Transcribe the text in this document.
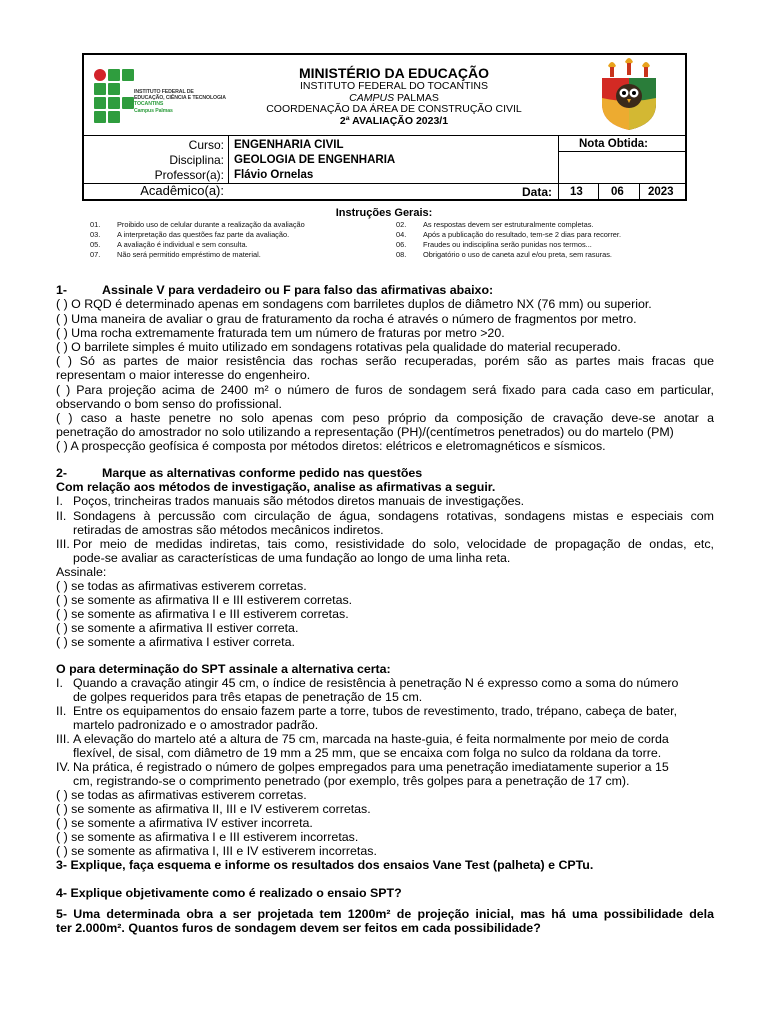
INSTITUTO FEDERAL DE
EDUCAÇÃO, CIÊNCIA E TECNOLOGIA
TOCANTINS
Campus Palmas
MINISTÉRIO DA EDUCAÇÃO
INSTITUTO FEDERAL DO TOCANTINS
CAMPUS PALMAS
COORDENAÇÃO DA ÁREA DE CONSTRUÇÃO CIVIL
2ª AVALIAÇÃO 2023/1
Curso: ENGENHARIA CIVIL
Disciplina: GEOLOGIA DE ENGENHARIA
Professor(a): Flávio Ornelas
Acadêmico(a):
Nota Obtida:
Data: 13 06 2023
Instruções Gerais:
01. Proibido uso de celular durante a realização da avaliação
03. A interpretação das questões faz parte da avaliação.
05. A avaliação é individual e sem consulta.
07. Não será permitido empréstimo de material.
02. As respostas devem ser estruturalmente completas.
04. Após a publicação do resultado, tem-se 2 dias para recorrer.
06. Fraudes ou indisciplina serão punidas nos termos...
08. Obrigatório o uso de caneta azul e/ou preta, sem rasuras.
1-	Assinale V para verdadeiro ou F para falso das afirmativas abaixo:
( ) O RQD é determinado apenas em sondagens com barriletes duplos de diâmetro NX (76 mm) ou superior.
( ) Uma maneira de avaliar o grau de fraturamento da rocha é através o número de fragmentos por metro.
( ) Uma rocha extremamente fraturada tem um número de fraturas por metro >20.
( ) O barrilete simples é muito utilizado em sondagens rotativas pela qualidade do material recuperado.
( ) Só as partes de maior resistência das rochas serão recuperadas, porém são as partes mais fracas que
representam o maior interesse do engenheiro.
( ) Para projeção acima de 2400 m² o número de furos de sondagem será fixado para cada caso em particular,
observando o bom senso do profissional.
( ) caso a haste penetre no solo apenas com peso próprio da composição de cravação deve-se anotar a
penetração do amostrador no solo utilizando a representação (PH)/(centímetros penetrados) ou do martelo (PM)
( ) A prospecção geofísica é composta por métodos diretos: elétricos e eletromagnéticos e sísmicos.
2-	Marque as alternativas conforme pedido nas questões
Com relação aos métodos de investigação, analise as afirmativas a seguir.
I. Poços, trincheiras trados manuais são métodos diretos manuais de investigações.
II. Sondagens à percussão com circulação de água, sondagens rotativas, sondagens mistas e especiais com
retiradas de amostras são métodos mecânicos indiretos.
III. Por meio de medidas indiretas, tais como, resistividade do solo, velocidade de propagação de ondas, etc,
pode-se avaliar as características de uma fundação ao longo de uma linha reta.
Assinale:
( ) se todas as afirmativas estiverem corretas.
( ) se somente as afirmativa II e III estiverem corretas.
( ) se somente as afirmativa I e III estiverem corretas.
( ) se somente a afirmativa II estiver correta.
( ) se somente a afirmativa I estiver correta.
O para determinação do SPT assinale a alternativa certa:
I. Quando a cravação atingir 45 cm, o índice de resistência à penetração N é expresso como a soma do número
de golpes requeridos para três etapas de penetração de 15 cm.
II. Entre os equipamentos do ensaio fazem parte a torre, tubos de revestimento, trado, trépano, cabeça de bater,
martelo padronizado e o amostrador padrão.
III. A elevação do martelo até a altura de 75 cm, marcada na haste-guia, é feita normalmente por meio de corda
flexível, de sisal, com diâmetro de 19 mm a 25 mm, que se encaixa com folga no sulco da roldana da torre.
IV. Na prática, é registrado o número de golpes empregados para uma penetração imediatamente superior a 15
cm, registrando-se o comprimento penetrado (por exemplo, três golpes para a penetração de 17 cm).
( ) se todas as afirmativas estiverem corretas.
( ) se somente as afirmativa II, III e IV estiverem corretas.
( ) se somente a afirmativa IV estiver incorreta.
( ) se somente as afirmativa I e III estiverem incorretas.
( ) se somente as afirmativa I, III e IV estiverem incorretas.
3- Explique, faça esquema e informe os resultados dos ensaios Vane Test (palheta) e CPTu.
4- Explique objetivamente como é realizado o ensaio SPT?
5- Uma determinada obra a ser projetada tem 1200m² de projeção inicial, mas há uma possibilidade dela
ter 2.000m². Quantos furos de sondagem devem ser feitos em cada possibilidade?
